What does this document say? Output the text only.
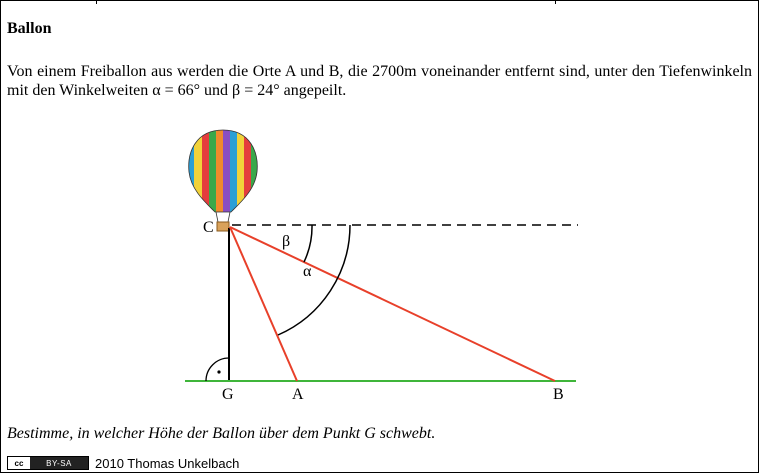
Ballon
Von einem Freiballon aus werden die Orte A und B, die 2700m voneinander entfernt sind, unter den Tiefenwinkeln mit den Winkelweiten α = 66° und β = 24° angepeilt.
C
G	A	B
β
α
Bestimme, in welcher Höhe der Ballon über dem Punkt G schwebt.
cc	BY-SA	2010 Thomas Unkelbach
